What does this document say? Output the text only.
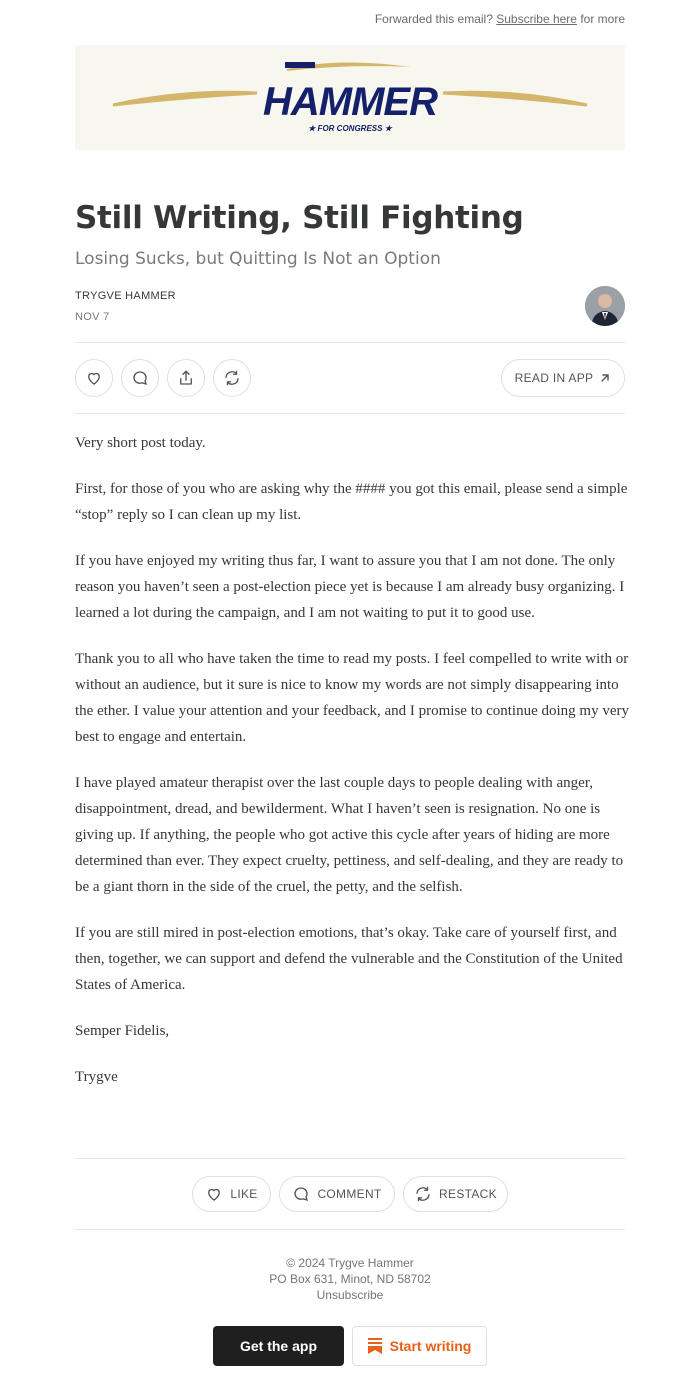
Forwarded this email? Subscribe here for more
HAMMER
★ FOR CONGRESS ★
Still Writing, Still Fighting
Losing Sucks, but Quitting Is Not an Option
TRYGVE HAMMER
NOV 7
READ IN APP

Very short post today.

First, for those of you who are asking why the #### you got this email, please send a simple “stop” reply so I can clean up my list.

If you have enjoyed my writing thus far, I want to assure you that I am not done. The only reason you haven’t seen a post-election piece yet is because I am already busy organizing. I learned a lot during the campaign, and I am not waiting to put it to good use.

Thank you to all who have taken the time to read my posts. I feel compelled to write with or without an audience, but it sure is nice to know my words are not simply disappearing into the ether. I value your attention and your feedback, and I promise to continue doing my very best to engage and entertain.

I have played amateur therapist over the last couple days to people dealing with anger, disappointment, dread, and bewilderment. What I haven’t seen is resignation. No one is giving up. If anything, the people who got active this cycle after years of hiding are more determined than ever. They expect cruelty, pettiness, and self-dealing, and they are ready to be a giant thorn in the side of the cruel, the petty, and the selfish.

If you are still mired in post-election emotions, that’s okay. Take care of yourself first, and then, together, we can support and defend the vulnerable and the Constitution of the United States of America.

Semper Fidelis,

Trygve

LIKE	COMMENT	RESTACK
© 2024 Trygve Hammer
PO Box 631, Minot, ND 58702
Unsubscribe
Get the app	Start writing
